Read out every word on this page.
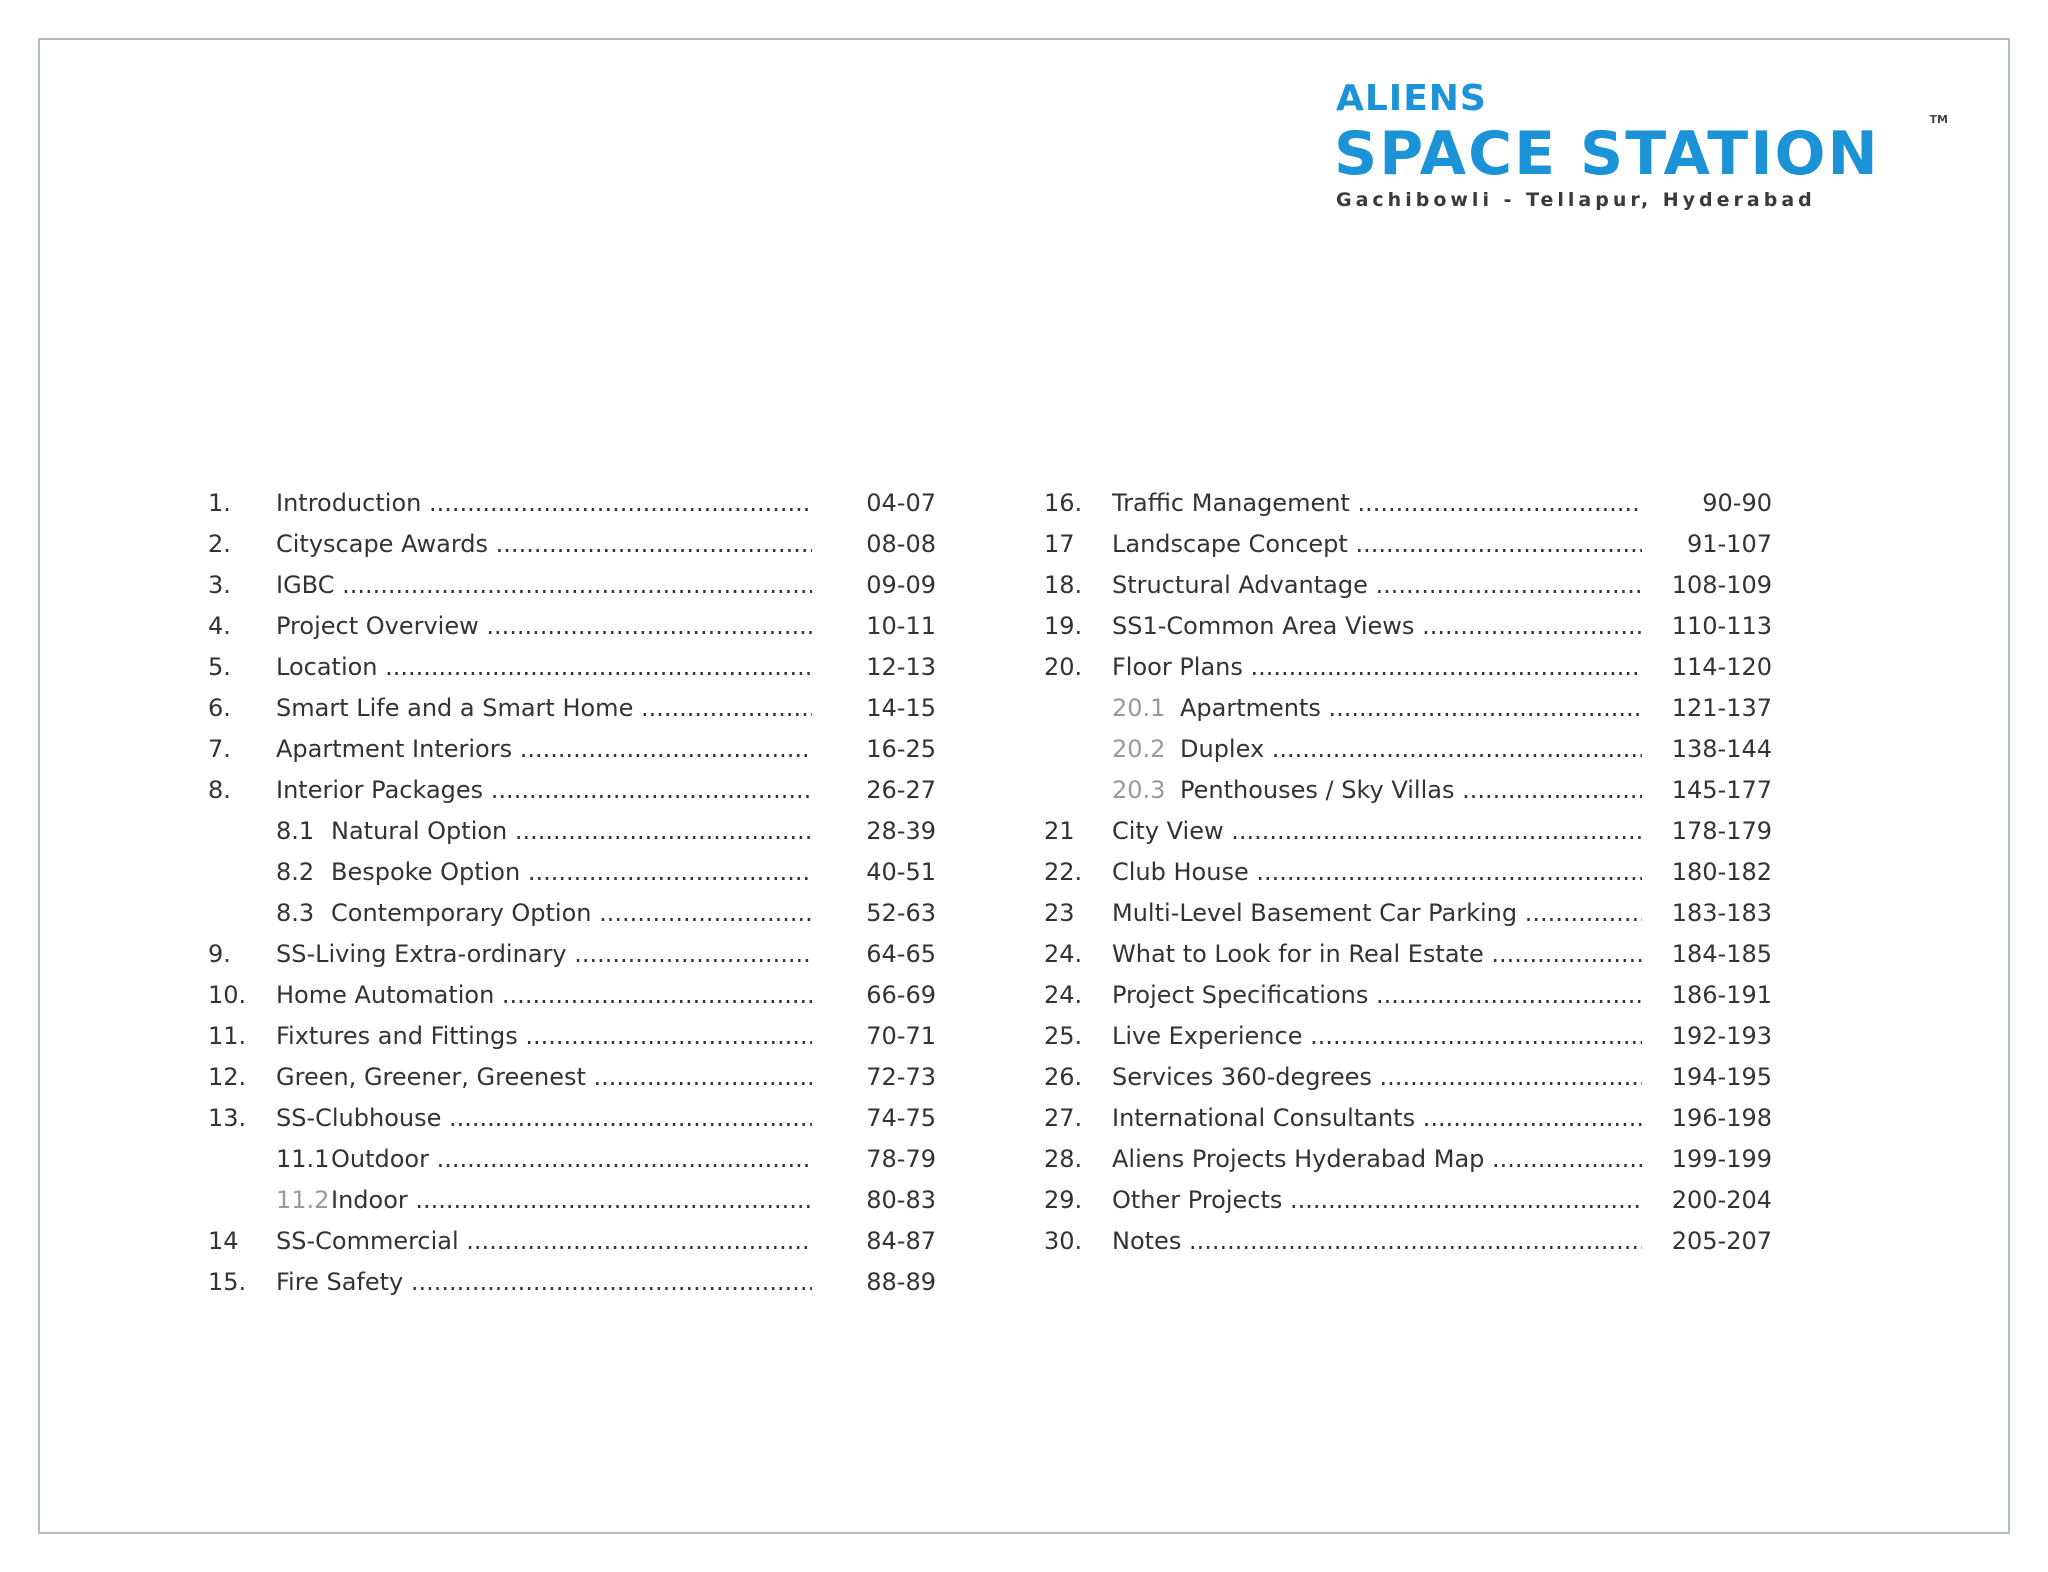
ALIENS
TM
SPACE STATION
Gachibowli - Tellapur, Hyderabad
1. Introduction .....	04-07
2. Cityscape Awards .....	08-08
3. IGBC .....	09-09
4. Project Overview .....	10-11
5. Location .....	12-13
6. Smart Life and a Smart Home .....	14-15
7. Apartment Interiors .....	16-25
8. Interior Packages .....	26-27
8.1 Natural Option .....	28-39
8.2 Bespoke Option .....	40-51
8.3 Contemporary Option .....	52-63
9. SS-Living Extra-ordinary .....	64-65
10. Home Automation .....	66-69
11. Fixtures and Fittings .....	70-71
12. Green, Greener, Greenest .....	72-73
13. SS-Clubhouse .....	74-75
11.1 Outdoor .....	78-79
11.2 Indoor .....	80-83
14 SS-Commercial .....	84-87
15. Fire Safety .....	88-89
16. Traffic Management .....	90-90
17 Landscape Concept .....	91-107
18. Structural Advantage .....	108-109
19. SS1-Common Area Views .....	110-113
20. Floor Plans .....	114-120
20.1 Apartments .....	121-137
20.2 Duplex .....	138-144
20.3 Penthouses / Sky Villas .....	145-177
21 City View .....	178-179
22. Club House .....	180-182
23 Multi-Level Basement Car Parking .....	183-183
24. What to Look for in Real Estate .....	184-185
24. Project Specifications .....	186-191
25. Live Experience .....	192-193
26. Services 360-degrees .....	194-195
27. International Consultants .....	196-198
28. Aliens Projects Hyderabad Map .....	199-199
29. Other Projects .....	200-204
30. Notes .....	205-207
